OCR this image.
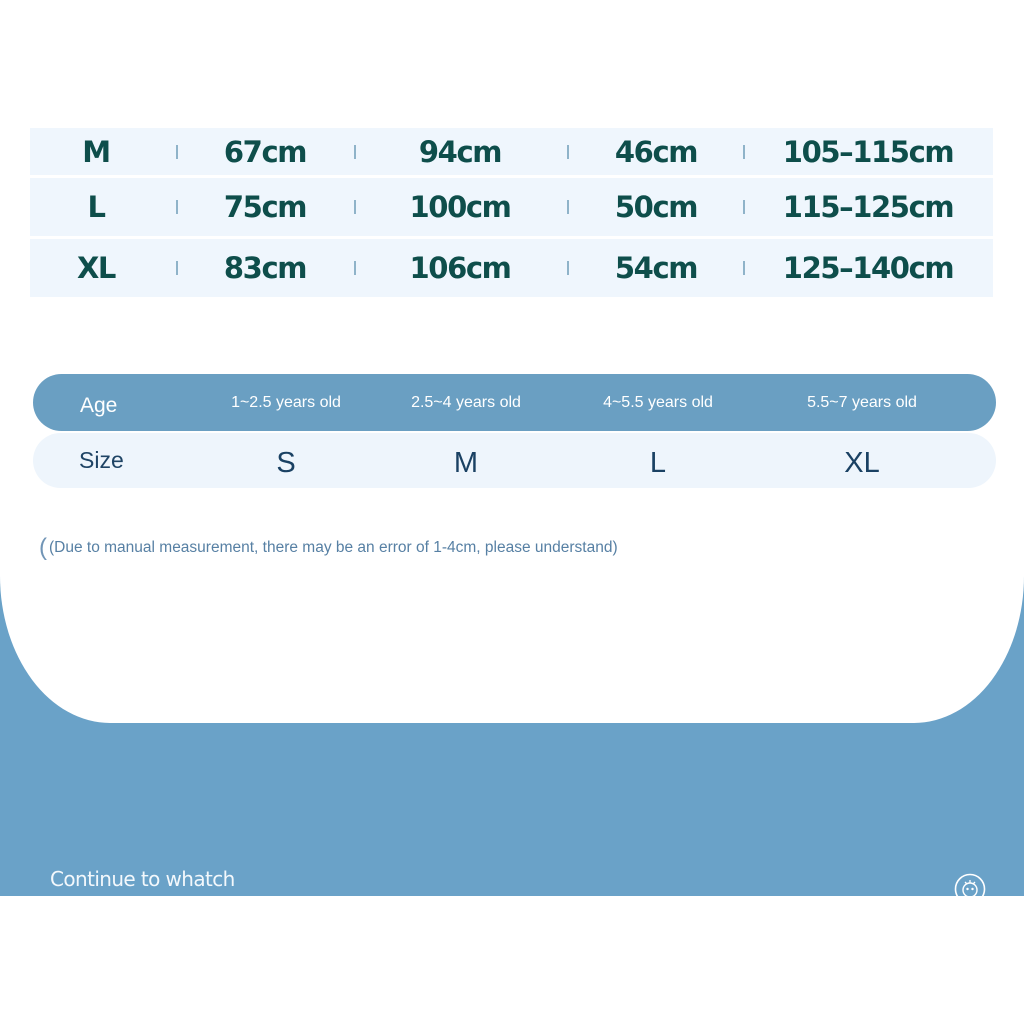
M	67cm	94cm	46cm	105–115cm
L	75cm	100cm	50cm	115–125cm
XL	83cm	106cm	54cm	125–140cm
Age	1~2.5 years old	2.5~4 years old	4~5.5 years old	5.5~7 years old
Size	S	M	L	XL
( (Due to manual measurement, there may be an error of 1-4cm, please understand)
Continue to whatch
